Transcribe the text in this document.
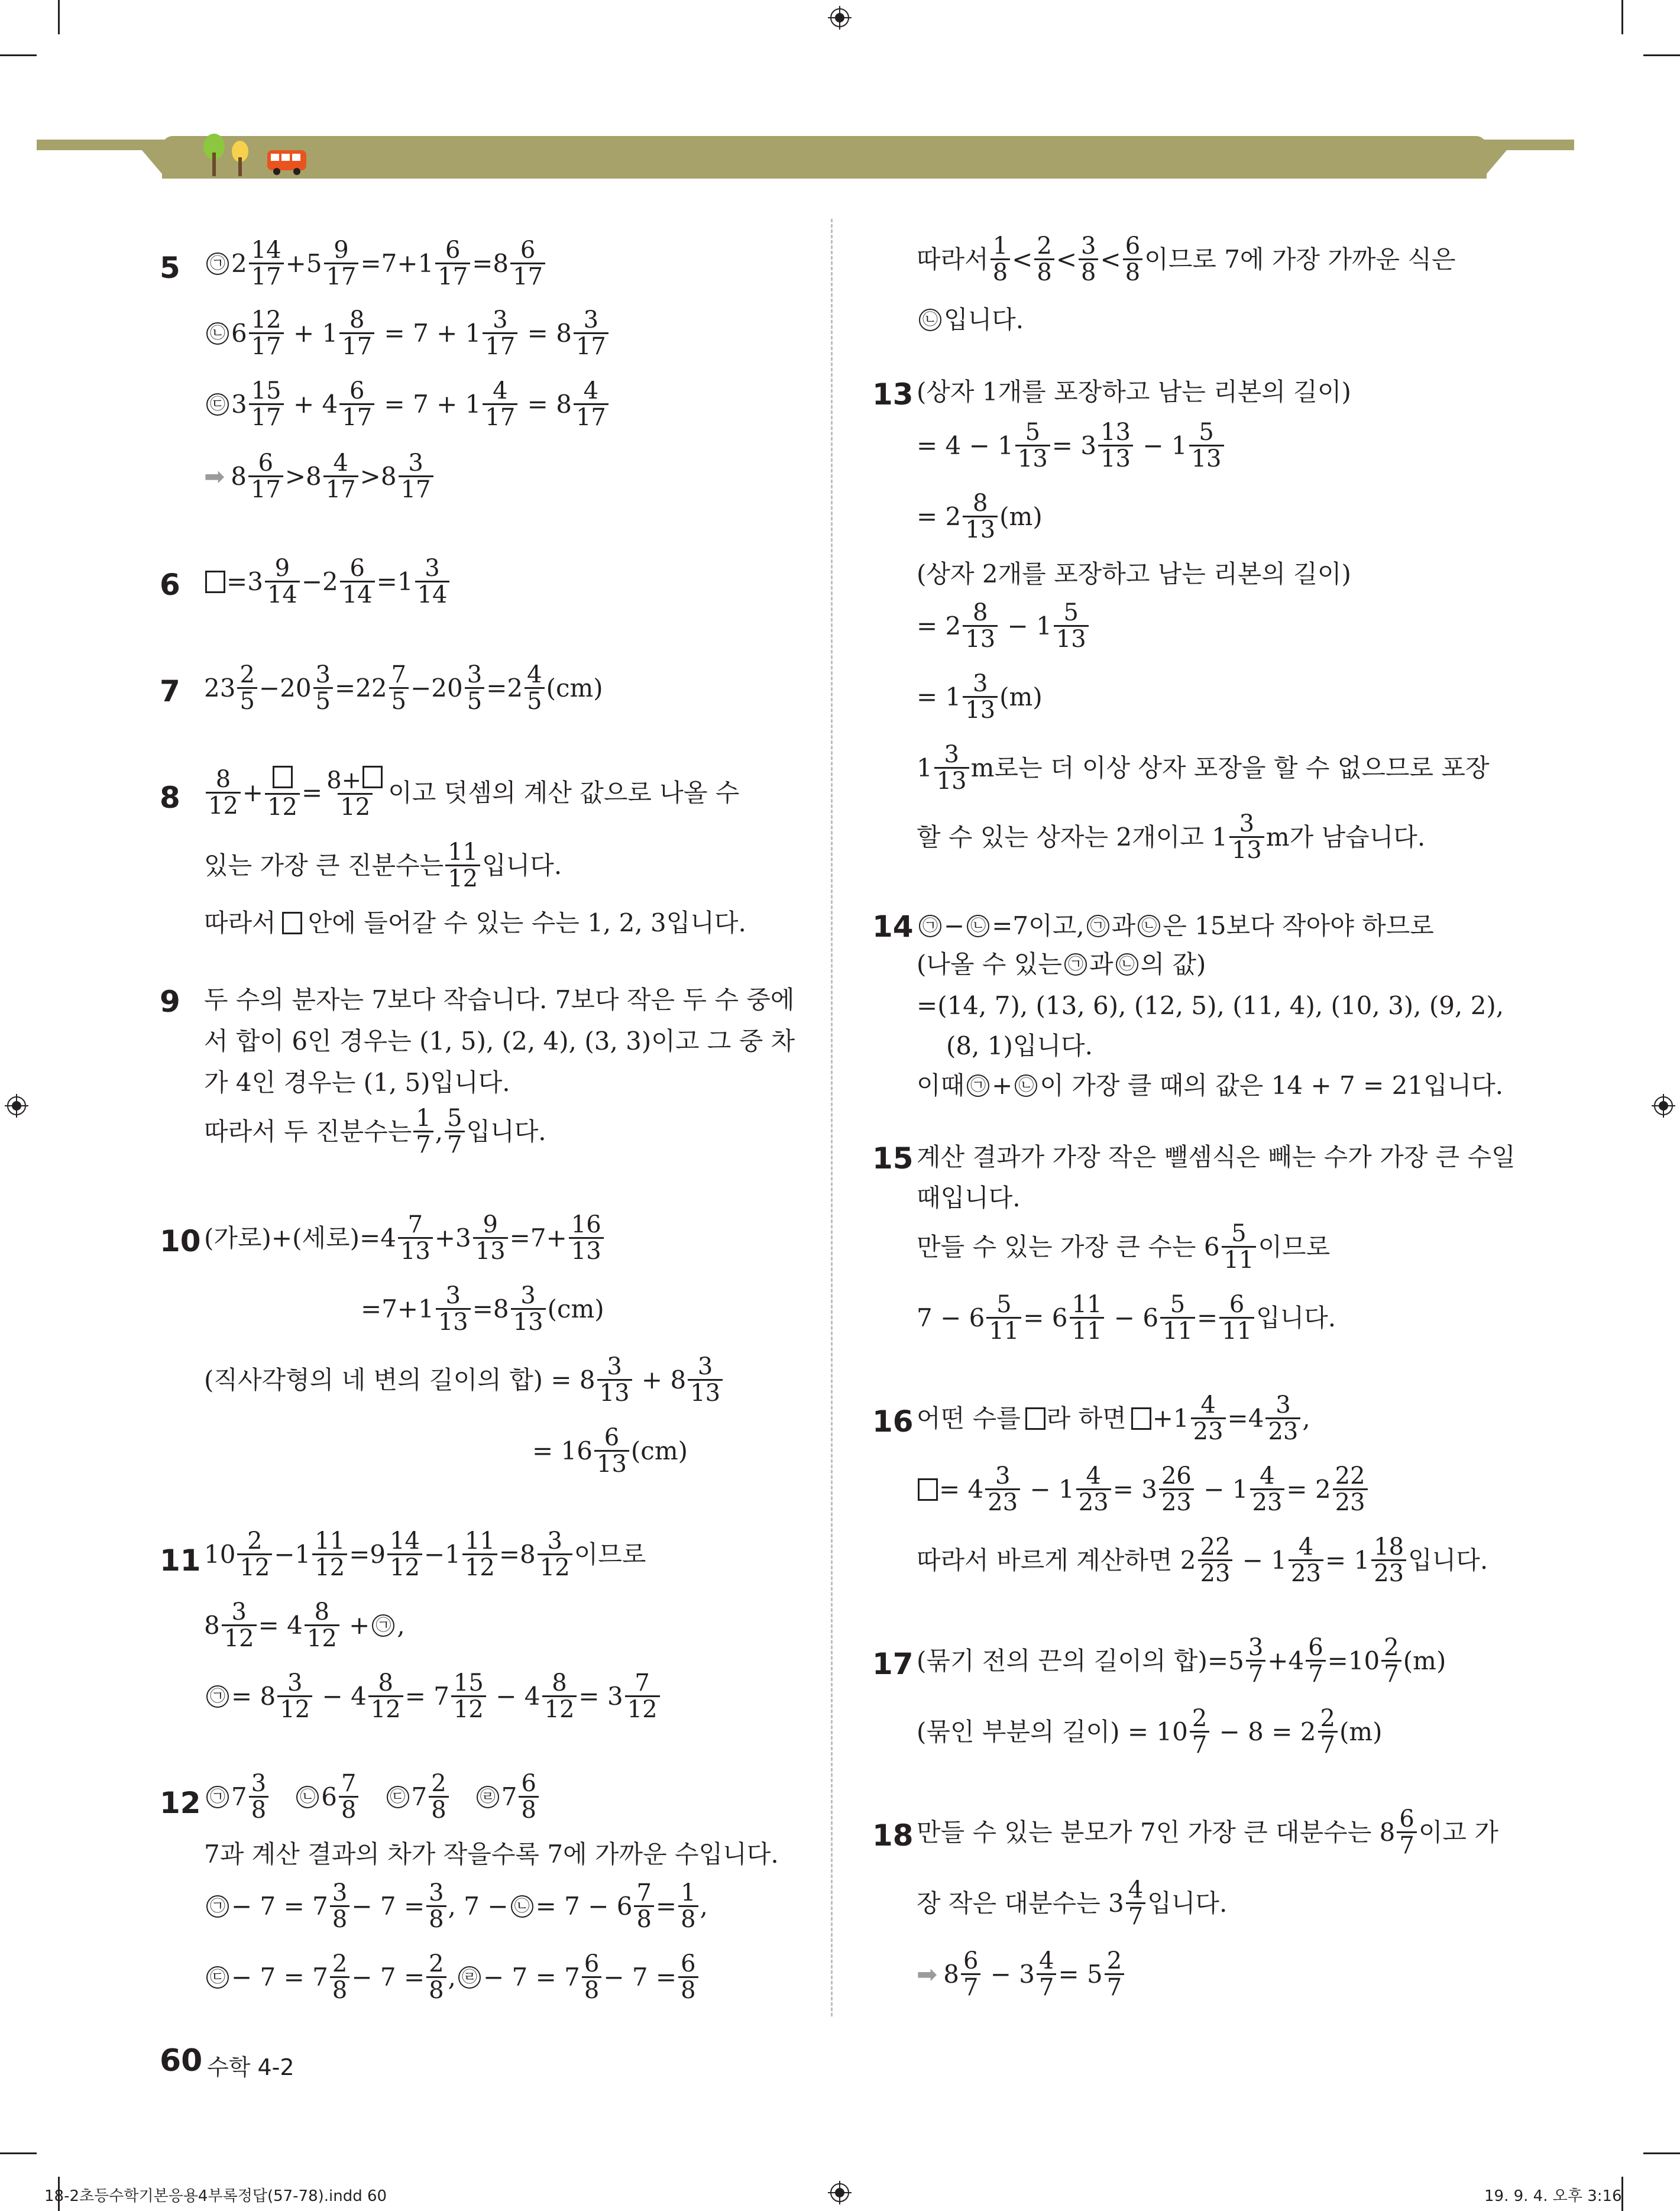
5 ㉠ 2 14
$17 +5 \frac{9}{17} =7+1 \frac{6}{17} =8$ 6
17
㉡ 6 12
$17 + 1 \frac{8}{17} = 7 + 1 \frac{3}{17} = 8$ 3
17
㉢ 3 15
$17 + 4 \frac{6}{17} = 7 + 1 \frac{4}{17} = 8$ 4
17
➡ 8 6
17 >8 4
17 >8 3
17
6 =3 9
$14 -2 \frac{6}{14} =1$ 3
14
7 23 2
$5 -20 \frac{3}{5} =22$ 7
$5 -20 \frac{3}{5} =2$ 4
5 (cm)
8
8
12 +
12
= $\frac{8+}{12}$ 이고 덧셈의 계산 값으로 나올 수
있는 가장 큰 진분수는 11
12 입니다.
따라서 안에 들어갈 수 있는 수는 1, 2, 3입니다.
9 두 수의 분자는 7보다 작습니다. 7보다 작은 두 수 중에
서 합이 6인 경우는 (1, 5), (2, 4), (3, 3)이고 그 중 차
가 4인 경우는 (1, 5)입니다.
따라서 두 진분수는 1
7 , 5
7 입니다.
10 (가로)+(세로)=4 7
$13 +3 \frac{9}{13} =7+ \frac{16}{13}$
$=7+1 \frac{3}{13} =8$ 3
13 (cm)
(직사각형의 네 변의 길이의 합) = 8 3
13 + 8 3
13
= 16 6
13 (cm)
11 10 2
$12 -1 \frac{11}{12} =9$ 14
$12 -1 \frac{11}{12} =8$ 3
12 이므로
$8 \frac{3}{12} = 4$ 8
12 + ㉠ ,
㉠ = 8 3
$12 - 4 \frac{8}{12} = 7$ 15
$12 - 4 \frac{8}{12} = 3$ 7
12
12 ㉠ 7 3
8
㉡ 6 7
8
㉢ 7 2
8
㉣ 7 6
8
7과 계산 결과의 차가 작을수록 7에 가까운 수입니다.
㉠ − 7 = 7 3
$8 - 7 = \frac{3}{8}$ , 7 − ㉡ = $7 - 6 \frac{7}{8} = \frac{1}{8}$ ,
㉢ − 7 = 7 2
$8 - 7 = \frac{2}{8}$ , ㉣ − 7 = 7 6
$8 - 7 = \frac{6}{8}$
60 수학 4-2
따라서 1
8 < 2
8 < 3
8 < 6
8 이므로 7에 가장 가까운 식은
㉡ 입니다.
13 (상자 1개를 포장하고 남는 리본의 길이)
= $4 - 1 \frac{5}{13} = 3$ 13
13 − 1 5
13
= 2 8
13 (m)
(상자 2개를 포장하고 남는 리본의 길이)
= 2 8
13 − 1 5
13
= 1 3
13 (m)
1 3
13 m로는 더 이상 상자 포장을 할 수 없으므로 포장
할 수 있는 상자는 2개이고 1 3
13 m가 남습니다.
14 ㉠ − ㉡ =7이고, ㉠ 과 ㉡ 은 15보다 작아야 하므로
(나올 수 있는 ㉠ 과 ㉡ 의 값)
=(14, 7), (13, 6), (12, 5), (11, 4), (10, 3), (9, 2),
(8, 1)입니다.
이때 ㉠ + ㉡ 이 가장 클 때의 값은 14 + 7 = 21입니다.
15 계산 결과가 가장 작은 뺄셈식은 빼는 수가 가장 큰 수일
때입니다.
만들 수 있는 가장 큰 수는 6 5
11 이므로
$7 - 6 \frac{5}{11} = 6$ 11
$11 - 6 \frac{5}{11} = \frac{6}{11}$ 입니다.
16 어떤 수를 라 하면 $+1 \frac{4}{23} =4$ 3
23 ,
= 4 3
$23 - 1 \frac{4}{23} = 3$ 26
$23 - 1 \frac{4}{23} = 2$ 22
23
따라서 바르게 계산하면 2 22
$23 - 1 \frac{4}{23} = 1$ 18
23 입니다.
17 (묶기 전의 끈의 길이의 합)=5 3
$7 +4 \frac{6}{7} =10$ 2
7 (m)
(묶인 부분의 길이) = 10 2
7 − 8 = 2 2
7 (m)
18 만들 수 있는 분모가 7인 가장 큰 대분수는 8 6
7 이고 가
장 작은 대분수는 3 4
7 입니다.
➡ 8 6
$7 - 3 \frac{4}{7} = 5$ 2
7
18-2초등수학기본응용4부록정답(57-78).indd 60	19. 9. 4. 오후 3:16
